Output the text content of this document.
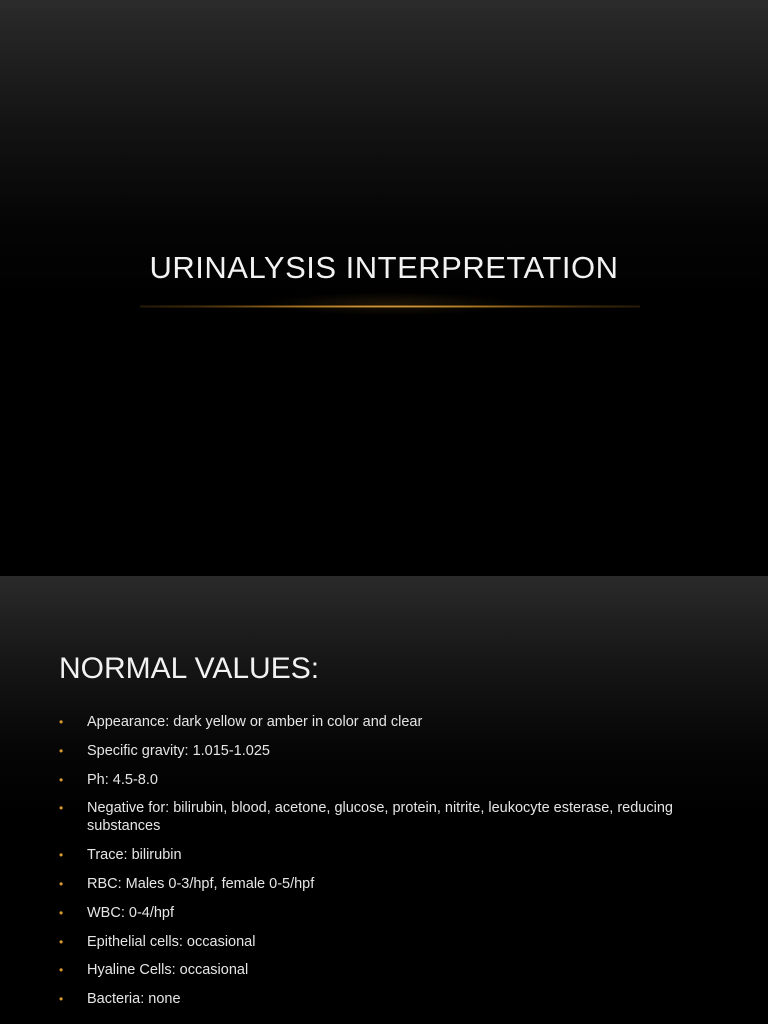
URINALYSIS INTERPRETATION
NORMAL VALUES:
• Appearance: dark yellow or amber in color and clear
• Specific gravity: 1.015-1.025
• Ph: 4.5-8.0
• Negative for: bilirubin, blood, acetone, glucose, protein, nitrite, leukocyte esterase, reducing substances
• Trace: bilirubin
• RBC: Males 0-3/hpf, female 0-5/hpf
• WBC: 0-4/hpf
• Epithelial cells: occasional
• Hyaline Cells: occasional
• Bacteria: none
